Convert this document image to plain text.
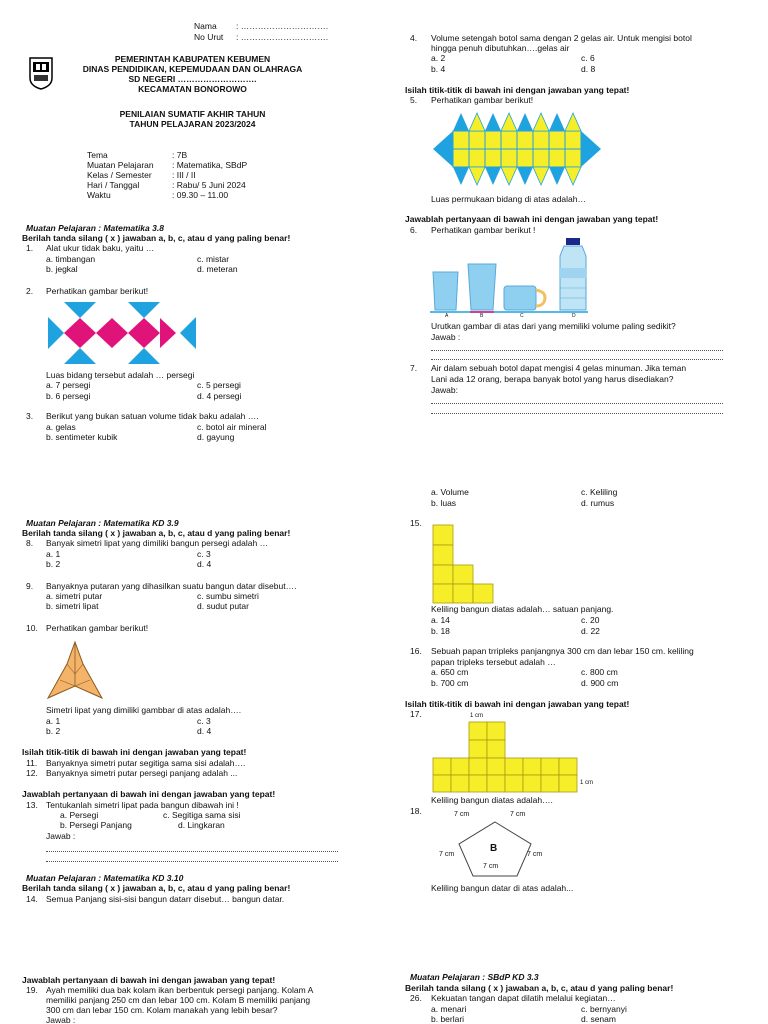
Nama	: ………………………….
No Urut	: ………………………….
PEMERINTAH KABUPATEN KEBUMEN
DINAS PENDIDIKAN, KEPEMUDAAN DAN OLAHRAGA
SD NEGERI ……………………….
KECAMATAN BONOROWO
PENILAIAN SUMATIF AKHIR TAHUN
TAHUN PELAJARAN 2023/2024
Tema	: 7B
Muatan Pelajaran	: Matematika, SBdP
Kelas / Semester	: III / II
Hari / Tanggal	: Rabu/ 5 Juni 2024
Waktu	: 09.30 – 11.00
Muatan Pelajaran : Matematika 3.8
Berilah tanda silang ( x ) jawaban a, b, c, atau d yang paling benar!
1. Alat ukur tidak baku, yaitu …
a. timbangan	c. mistar
b. jegkal	d. meteran
2. Perhatikan gambar berikut!
Luas bidang tersebut adalah … persegi
a. 7 persegi	c. 5 persegi
b. 6 persegi	d. 4 persegi
3. Berikut yang bukan satuan volume tidak baku adalah ….
a. gelas	c. botol air mineral
b. sentimeter kubik	d. gayung
Muatan Pelajaran : Matematika KD 3.9
Berilah tanda silang ( x ) jawaban a, b, c, atau d yang paling benar!
8. Banyak simetri lipat yang dimiliki bangun persegi adalah …
a. 1	c. 3
b. 2	d. 4
9. Banyaknya putaran yang dihasilkan suatu bangun datar disebut….
a. simetri putar	c. sumbu simetri
b. simetri lipat	d. sudut putar
10. Perhatikan gambar berikut!
Simetri lipat yang dimiliki gambbar di atas adalah….
a. 1	c. 3
b. 2	d. 4
Isilah titik-titik di bawah ini dengan jawaban yang tepat!
11. Banyaknya simetri putar segitiga sama sisi adalah….
12. Banyaknya simetri putar persegi panjang adalah ...
Jawablah pertanyaan di bawah ini dengan jawaban yang tepat!
13. Tentukanlah simetri lipat pada bangun dibawah ini !
a. Persegi	c. Segitiga sama sisi
b. Persegi Panjang	d. Lingkaran
Jawab :
Muatan Pelajaran : Matematika KD 3.10
Berilah tanda silang ( x ) jawaban a, b, c, atau d yang paling benar!
14. Semua Panjang sisi-sisi bangun datarr disebut… bangun datar.
Jawablah pertanyaan di bawah ini dengan jawaban yang tepat!
19. Ayah memiliki dua bak kolam ikan berbentuk persegi panjang. Kolam A
memiliki panjang 250 cm dan lebar 100 cm. Kolam B memiliki panjang
300 cm dan lebar 150 cm. Kolam manakah yang lebih besar?
Jawab :
4. Volume setengah botol sama dengan 2 gelas air. Untuk mengisi botol
hingga penuh dibutuhkan….gelas air
a. 2	c. 6
b. 4	d. 8
Isilah titik-titik di bawah ini dengan jawaban yang tepat!
5. Perhatikan gambar berikut!
Luas permukaan bidang di atas adalah…
Jawablah pertanyaan di bawah ini dengan jawaban yang tepat!
6. Perhatikan gambar berikut !
A	B	C	D
Urutkan gambar di atas dari yang memiliki volume paling sedikit?
Jawab :
7. Air dalam sebuah botol dapat mengisi 4 gelas minuman. Jika teman
Lani ada 12 orang, berapa banyak botol yang harus disediakan?
Jawab:
a. Volume	c. Keliling
b. luas	d. rumus
15.
Keliling bangun diatas adalah… satuan panjang.
a. 14	c. 20
b. 18	d. 22
16. Sebuah papan trripleks panjangnya 300 cm dan lebar 150 cm. keliling
papan tripleks tersebut adalah …
a. 650 cm	c. 800 cm
b. 700 cm	d. 900 cm
Isilah titik-titik di bawah ini dengan jawaban yang tepat!
17.	1 cm
1 cm
Keliling bangun diatas adalah….
18.	7 cm	7 cm
7 cm	7 cm
7 cm
B
Keliling bangun datar di atas adalah...
Muatan Pelajaran : SBdP KD 3.3
Berilah tanda silang ( x ) jawaban a, b, c, atau d yang paling benar!
26. Kekuatan tangan dapat dilatih melalui kegiatan…
a. menari	c. bernyanyi
b. berlari	d. senam
